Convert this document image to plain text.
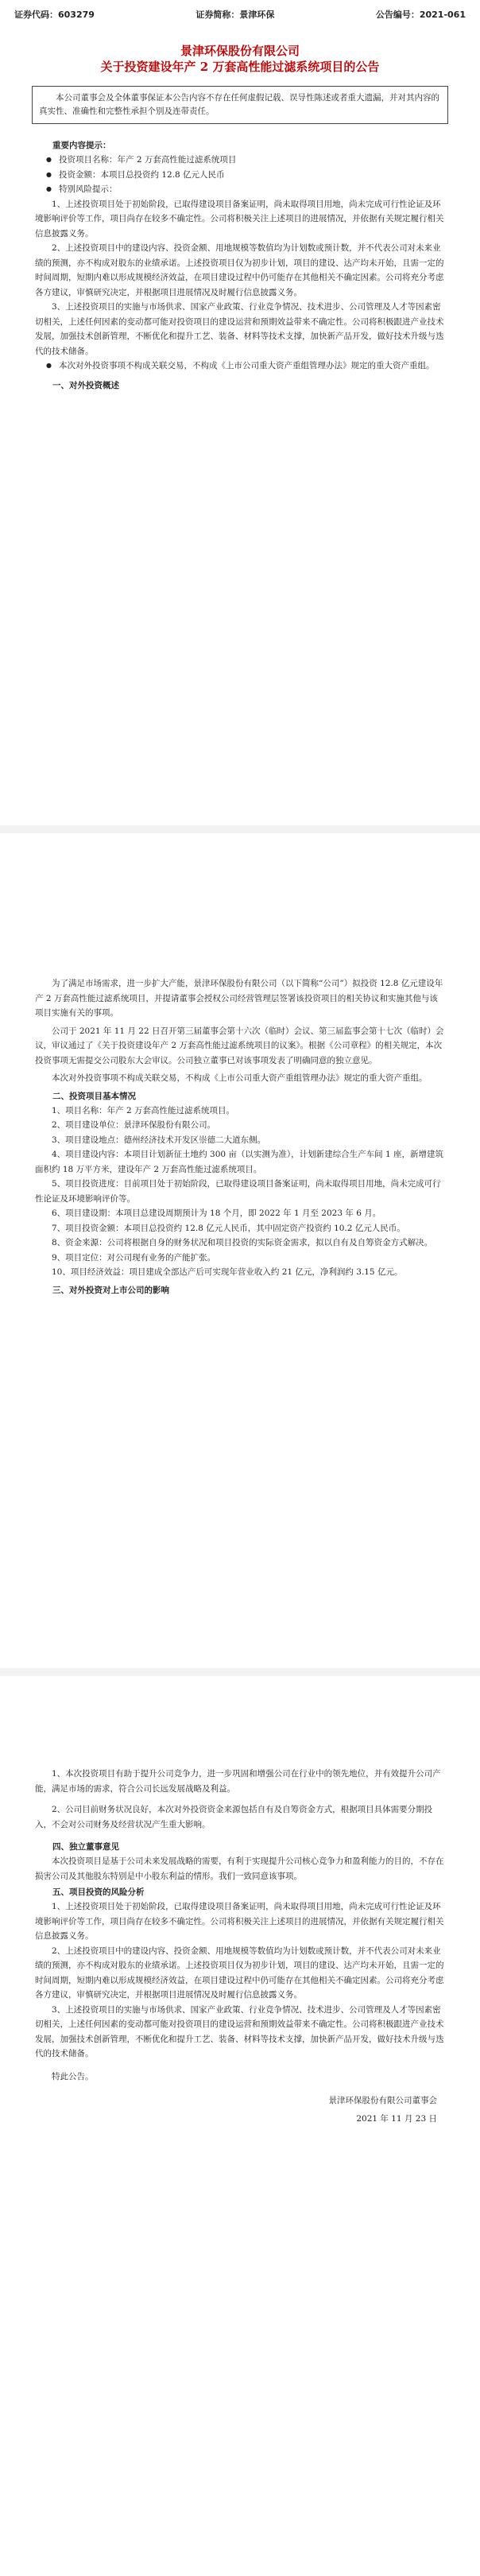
证券代码：603279	证券简称：景津环保	公告编号：2021-061
景津环保股份有限公司
关于投资建设年产 2 万套高性能过滤系统项目的公告
本公司董事会及全体董事保证本公告内容不存在任何虚假记载、误导性陈述或者重大遗漏，并对其内容的真实性、准确性和完整性承担个别及连带责任。
重要内容提示：
● 投资项目名称：年产 2 万套高性能过滤系统项目
● 投资金额：本项目总投资约 12.8 亿元人民币
● 特别风险提示：

1、上述投资项目处于初始阶段，已取得建设项目备案证明，尚未取得项目用地，尚未完成可行性论证及环境影响评价等工作，项目尚存在较多不确定性。公司将积极关注上述项目的进展情况，并依据有关规定履行相关信息披露义务。

2、上述投资项目中的建设内容、投资金额、用地规模等数值均为计划数或预计数，并不代表公司对未来业绩的预测，亦不构成对股东的业绩承诺。上述投资项目仅为初步计划，项目的建设、达产均未开始，且需一定的时间周期，短期内难以形成规模经济效益，在项目建设过程中仍可能存在其他相关不确定因素。公司将充分考虑各方建议，审慎研究决定，并根据项目进展情况及时履行信息披露义务。

3、上述投资项目的实施与市场供求、国家产业政策、行业竞争情况、技术进步、公司管理及人才等因素密切相关，上述任何因素的变动都可能对投资项目的建设运营和预期效益带来不确定性。公司将积极跟进产业技术发展，加强技术创新管理，不断优化和提升工艺、装备、材料等技术支撑，加快新产品开发，做好技术升级与迭代的技术储备。

● 本次对外投资事项不构成关联交易，不构成《上市公司重大资产重组管理办法》规定的重大资产重组。
一、对外投资概述

为了满足市场需求，进一步扩大产能，景津环保股份有限公司（以下简称“公司”）拟投资 12.8 亿元建设年产 2 万套高性能过滤系统项目，并提请董事会授权公司经营管理层签署该投资项目的相关协议和实施其他与该项目实施有关的事项。

公司于 2021 年 11 月 22 日召开第三届董事会第十六次（临时）会议、第三届监事会第十七次（临时）会议，审议通过了《关于投资建设年产 2 万套高性能过滤系统项目的议案》。根据《公司章程》的相关规定，本次投资事项无需提交公司股东大会审议。公司独立董事已对该事项发表了明确同意的独立意见。

本次对外投资事项不构成关联交易，不构成《上市公司重大资产重组管理办法》规定的重大资产重组。

二、投资项目基本情况

1、项目名称：年产 2 万套高性能过滤系统项目。

2、项目建设单位：景津环保股份有限公司。

3、项目建设地点：德州经济技术开发区崇德二大道东侧。

4、项目建设内容：本项目计划新征土地约 300 亩（以实测为准），计划新建综合生产车间 1 座，新增建筑面积约 18 万平方米，建设年产 2 万套高性能过滤系统项目。

5、项目投资进度：目前项目处于初始阶段，已取得建设项目备案证明，尚未取得项目用地，尚未完成可行性论证及环境影响评价等。

6、项目建设期：本项目总建设周期预计为 18 个月，即 2022 年 1 月至 2023 年 6 月。

7、项目投资金额：本项目总投资约 12.8 亿元人民币，其中固定资产投资约 10.2 亿元人民币。

8、资金来源：公司将根据自身的财务状况和项目投资的实际资金需求，拟以自有及自筹资金方式解决。

9、项目定位：对公司现有业务的产能扩张。

10、项目经济效益：项目建成全部达产后可实现年营业收入约 21 亿元，净利润约 3.15 亿元。

三、对外投资对上市公司的影响

1、本次投资项目有助于提升公司竞争力，进一步巩固和增强公司在行业中的领先地位，并有效提升公司产能，满足市场的需求，符合公司长远发展战略及利益。

2、公司目前财务状况良好，本次对外投资资金来源包括自有及自筹资金方式，根据项目具体需要分期投入，不会对公司财务及经营状况产生重大影响。

四、独立董事意见

本次投资项目是基于公司未来发展战略的需要，有利于实现提升公司核心竞争力和盈利能力的目的，不存在损害公司及其他股东特别是中小股东利益的情形。我们一致同意该事项。

五、项目投资的风险分析

1、上述投资项目处于初始阶段，已取得建设项目备案证明，尚未取得项目用地，尚未完成可行性论证及环境影响评价等工作，项目尚存在较多不确定性。公司将积极关注上述项目的进展情况，并依据有关规定履行相关信息披露义务。

2、上述投资项目中的建设内容、投资金额、用地规模等数值均为计划数或预计数，并不代表公司对未来业绩的预测，亦不构成对股东的业绩承诺。上述投资项目仅为初步计划，项目的建设、达产均未开始，且需一定的时间周期，短期内难以形成规模经济效益，在项目建设过程中仍可能存在其他相关不确定因素。公司将充分考虑各方建议，审慎研究决定，并根据项目进展情况及时履行信息披露义务。

3、上述投资项目的实施与市场供求、国家产业政策、行业竞争情况、技术进步、公司管理及人才等因素密切相关，上述任何因素的变动都可能对投资项目的建设运营和预期效益带来不确定性。公司将积极跟进产业技术发展，加强技术创新管理，不断优化和提升工艺、装备、材料等技术支撑，加快新产品开发，做好技术升级与迭代的技术储备。

特此公告。

景津环保股份有限公司董事会
2021 年 11 月 23 日
